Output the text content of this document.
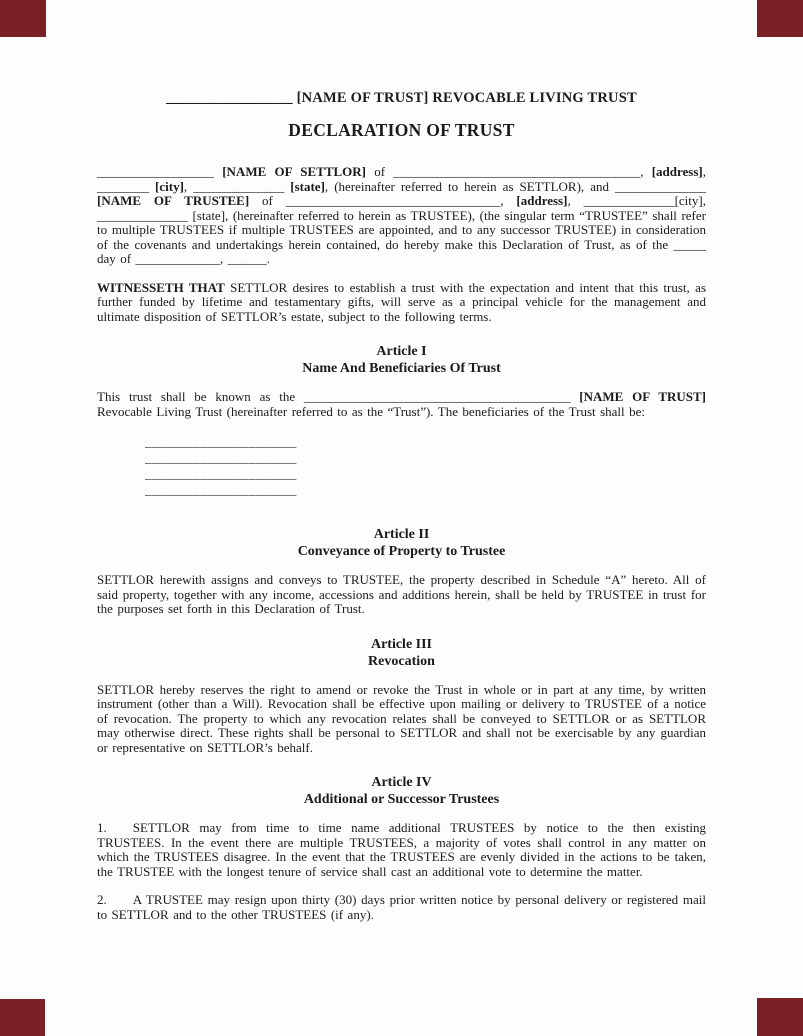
_________________ [NAME OF TRUST] REVOCABLE LIVING TRUST
DECLARATION OF TRUST

__________________ [NAME OF SETTLOR] of ______________________________________, [address], ________ [city], ______________ [state], (hereinafter referred to herein as SETTLOR), and ______________ [NAME OF TRUSTEE] of _________________________________, [address], ______________[city], ______________ [state], (hereinafter referred to herein as TRUSTEE), (the singular term “TRUSTEE” shall refer to multiple TRUSTEES if multiple TRUSTEES are appointed, and to any successor TRUSTEE) in consideration of the covenants and undertakings herein contained, do hereby make this Declaration of Trust, as of the _____ day of _____________, ______.

WITNESSETH THAT SETTLOR desires to establish a trust with the expectation and intent that this trust, as further funded by lifetime and testamentary gifts, will serve as a principal vehicle for the management and ultimate disposition of SETTLOR’s estate, subject to the following terms.

Article I
Name And Beneficiaries Of Trust

This trust shall be known as the _________________________________________ [NAME OF TRUST] Revocable Living Trust (hereinafter referred to as the “Trust”). The beneficiaries of the Trust shall be:

______________________
______________________
______________________
______________________
Article II
Conveyance of Property to Trustee

SETTLOR herewith assigns and conveys to TRUSTEE, the property described in Schedule “A” hereto. All of said property, together with any income, accessions and additions herein, shall be held by TRUSTEE in trust for the purposes set forth in this Declaration of Trust.

Article III
Revocation

SETTLOR hereby reserves the right to amend or revoke the Trust in whole or in part at any time, by written instrument (other than a Will). Revocation shall be effective upon mailing or delivery to TRUSTEE of a notice of revocation. The property to which any revocation relates shall be conveyed to SETTLOR or as SETTLOR may otherwise direct. These rights shall be personal to SETTLOR and shall not be exercisable by any guardian or representative on SETTLOR’s behalf.

Article IV
Additional or Successor Trustees

1.  SETTLOR may from time to time name additional TRUSTEES by notice to the then existing TRUSTEES. In the event there are multiple TRUSTEES, a majority of votes shall control in any matter on which the TRUSTEES disagree. In the event that the TRUSTEES are evenly divided in the actions to be taken, the TRUSTEE with the longest tenure of service shall cast an additional vote to determine the matter.

2.  A TRUSTEE may resign upon thirty (30) days prior written notice by personal delivery or registered mail to SETTLOR and to the other TRUSTEES (if any).
